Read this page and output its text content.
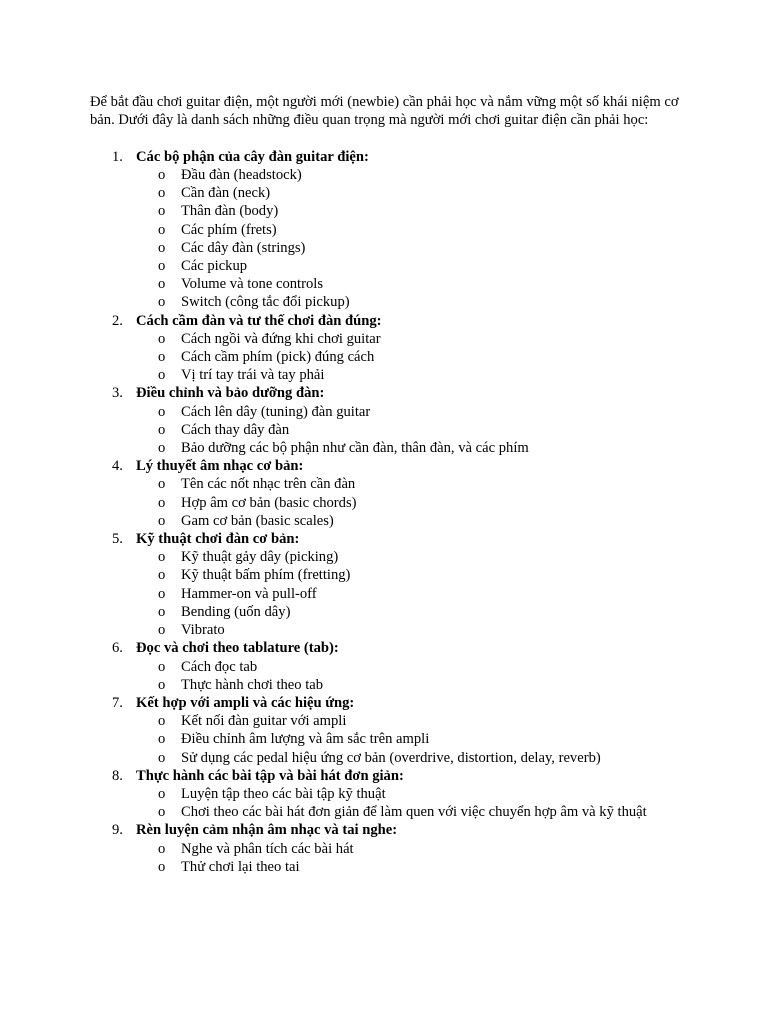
Để bắt đầu chơi guitar điện, một người mới (newbie) cần phải học và nắm vững một số khái niệm cơ bản. Dưới đây là danh sách những điều quan trọng mà người mới chơi guitar điện cần phải học:

1. Các bộ phận của cây đàn guitar điện:
o Đầu đàn (headstock)
o Cần đàn (neck)
o Thân đàn (body)
o Các phím (frets)
o Các dây đàn (strings)
o Các pickup
o Volume và tone controls
o Switch (công tắc đổi pickup)
2. Cách cầm đàn và tư thế chơi đàn đúng:
o Cách ngồi và đứng khi chơi guitar
o Cách cầm phím (pick) đúng cách
o Vị trí tay trái và tay phải
3. Điều chỉnh và bảo dưỡng đàn:
o Cách lên dây (tuning) đàn guitar
o Cách thay dây đàn
o Bảo dưỡng các bộ phận như cần đàn, thân đàn, và các phím
4. Lý thuyết âm nhạc cơ bản:
o Tên các nốt nhạc trên cần đàn
o Hợp âm cơ bản (basic chords)
o Gam cơ bản (basic scales)
5. Kỹ thuật chơi đàn cơ bản:
o Kỹ thuật gảy dây (picking)
o Kỹ thuật bấm phím (fretting)
o Hammer-on và pull-off
o Bending (uốn dây)
o Vibrato
6. Đọc và chơi theo tablature (tab):
o Cách đọc tab
o Thực hành chơi theo tab
7. Kết hợp với ampli và các hiệu ứng:
o Kết nối đàn guitar với ampli
o Điều chỉnh âm lượng và âm sắc trên ampli
o Sử dụng các pedal hiệu ứng cơ bản (overdrive, distortion, delay, reverb)
8. Thực hành các bài tập và bài hát đơn giản:
o Luyện tập theo các bài tập kỹ thuật
o Chơi theo các bài hát đơn giản để làm quen với việc chuyển hợp âm và kỹ thuật
9. Rèn luyện cảm nhận âm nhạc và tai nghe:
o Nghe và phân tích các bài hát
o Thử chơi lại theo tai
